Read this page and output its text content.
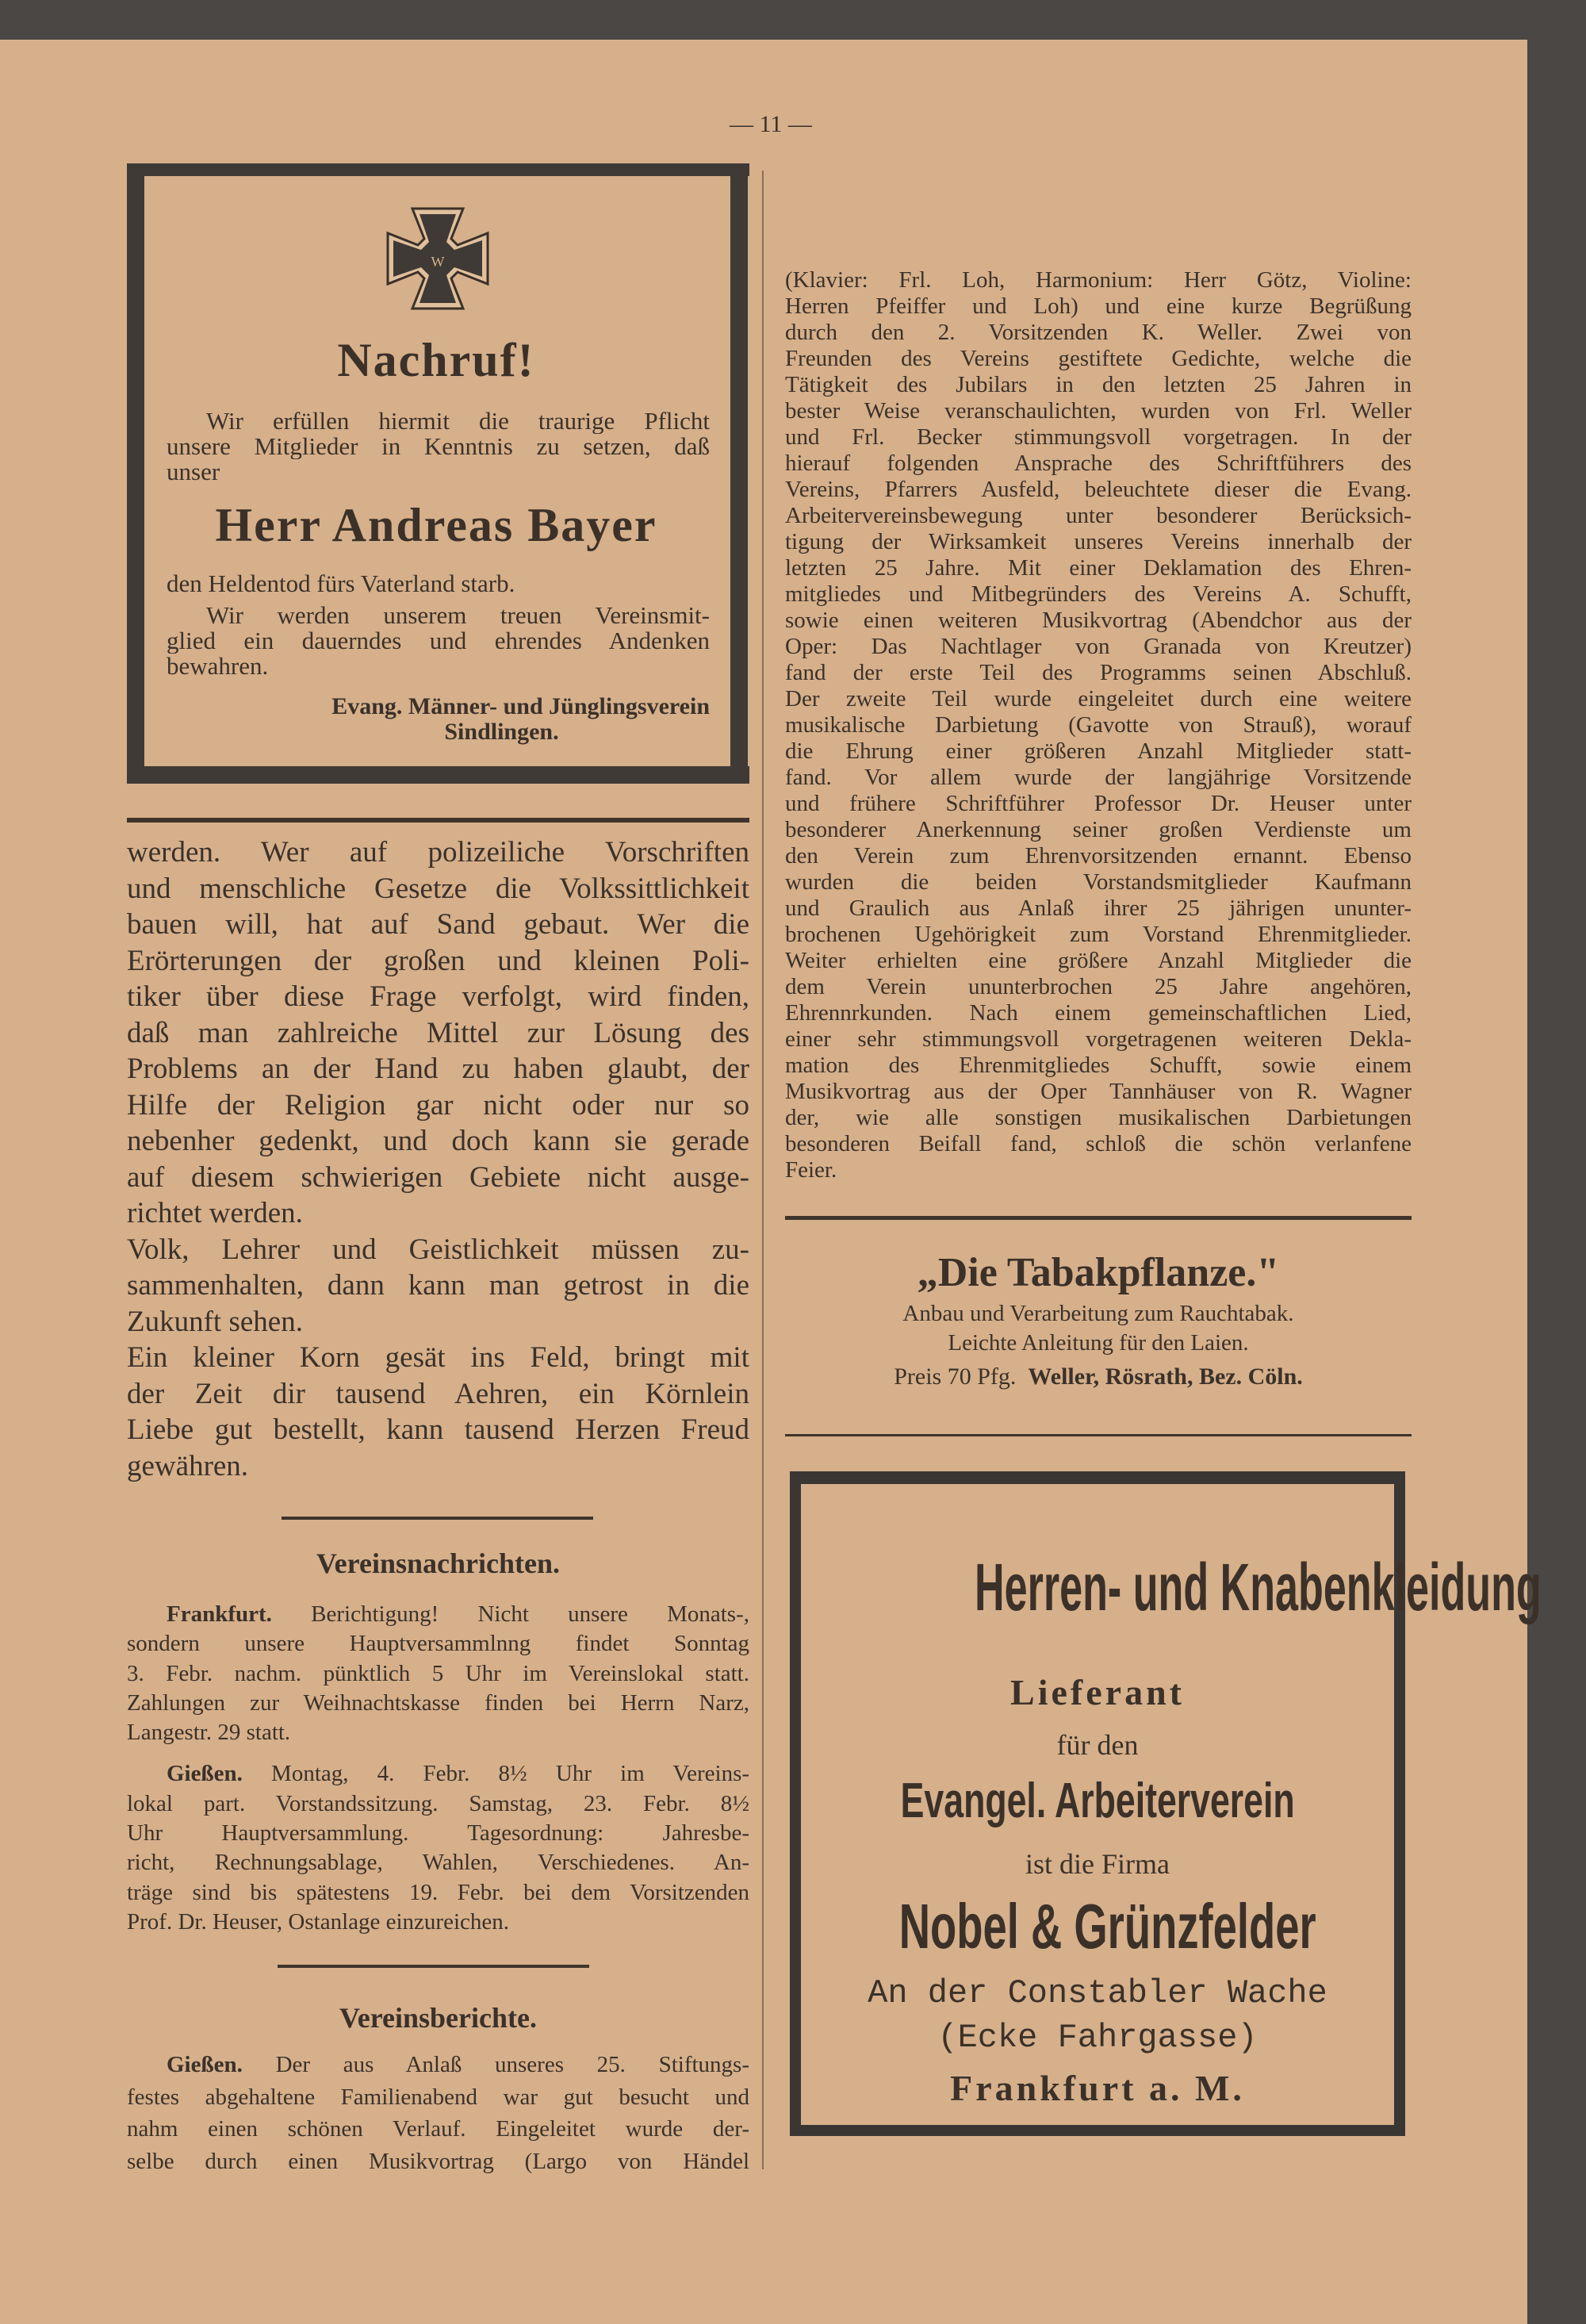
— 11 —
W
Nachruf!
Wir erfüllen hiermit die traurige Pflicht
unsere Mitglieder in Kenntnis zu setzen, daß
unser
Herr Andreas Bayer
den Heldentod fürs Vaterland starb.
Wir werden unserem treuen Vereinsmit-
glied ein dauerndes und ehrendes Andenken
bewahren.
Evang. Männer- und Jünglingsverein
Sindlingen.
werden. Wer auf polizeiliche Vorschriften
und menschliche Gesetze die Volkssittlichkeit
bauen will, hat auf Sand gebaut. Wer die
Erörterungen der großen und kleinen Poli-
tiker über diese Frage verfolgt, wird finden,
daß man zahlreiche Mittel zur Lösung des
Problems an der Hand zu haben glaubt, der
Hilfe der Religion gar nicht oder nur so
nebenher gedenkt, und doch kann sie gerade
auf diesem schwierigen Gebiete nicht ausge-
richtet werden.
Volk, Lehrer und Geistlichkeit müssen zu-
sammenhalten, dann kann man getrost in die
Zukunft sehen.
Ein kleiner Korn gesät ins Feld, bringt mit
der Zeit dir tausend Aehren, ein Körnlein
Liebe gut bestellt, kann tausend Herzen Freud
gewähren.
Vereinsnachrichten.
Frankfurt. Berichtigung! Nicht unsere Monats-,
sondern unsere Hauptversammlnng findet Sonntag
3. Febr. nachm. pünktlich 5 Uhr im Vereinslokal statt.
Zahlungen zur Weihnachtskasse finden bei Herrn Narz,
Langestr. 29 statt.
Gießen. Montag, 4. Febr. 8½ Uhr im Vereins-
lokal part. Vorstandssitzung. Samstag, 23. Febr. 8½
Uhr Hauptversammlung. Tagesordnung: Jahresbe-
richt, Rechnungsablage, Wahlen, Verschiedenes. An-
träge sind bis spätestens 19. Febr. bei dem Vorsitzenden
Prof. Dr. Heuser, Ostanlage einzureichen.
Vereinsberichte.
Gießen. Der aus Anlaß unseres 25. Stiftungs-
festes abgehaltene Familienabend war gut besucht und
nahm einen schönen Verlauf. Eingeleitet wurde der-
selbe durch einen Musikvortrag (Largo von Händel
(Klavier: Frl. Loh, Harmonium: Herr Götz, Violine:
Herren Pfeiffer und Loh) und eine kurze Begrüßung
durch den 2. Vorsitzenden K. Weller. Zwei von
Freunden des Vereins gestiftete Gedichte, welche die
Tätigkeit des Jubilars in den letzten 25 Jahren in
bester Weise veranschaulichten, wurden von Frl. Weller
und Frl. Becker stimmungsvoll vorgetragen. In der
hierauf folgenden Ansprache des Schriftführers des
Vereins, Pfarrers Ausfeld, beleuchtete dieser die Evang.
Arbeitervereinsbewegung unter besonderer Berücksich-
tigung der Wirksamkeit unseres Vereins innerhalb der
letzten 25 Jahre. Mit einer Deklamation des Ehren-
mitgliedes und Mitbegründers des Vereins A. Schufft,
sowie einen weiteren Musikvortrag (Abendchor aus der
Oper: Das Nachtlager von Granada von Kreutzer)
fand der erste Teil des Programms seinen Abschluß.
Der zweite Teil wurde eingeleitet durch eine weitere
musikalische Darbietung (Gavotte von Strauß), worauf
die Ehrung einer größeren Anzahl Mitglieder statt-
fand. Vor allem wurde der langjährige Vorsitzende
und frühere Schriftführer Professor Dr. Heuser unter
besonderer Anerkennung seiner großen Verdienste um
den Verein zum Ehrenvorsitzenden ernannt. Ebenso
wurden die beiden Vorstandsmitglieder Kaufmann
und Graulich aus Anlaß ihrer 25 jährigen ununter-
brochenen Ugehörigkeit zum Vorstand Ehrenmitglieder.
Weiter erhielten eine größere Anzahl Mitglieder die
dem Verein ununterbrochen 25 Jahre angehören,
Ehrennrkunden. Nach einem gemeinschaftlichen Lied,
einer sehr stimmungsvoll vorgetragenen weiteren Dekla-
mation des Ehrenmitgliedes Schufft, sowie einem
Musikvortrag aus der Oper Tannhäuser von R. Wagner
der, wie alle sonstigen musikalischen Darbietungen
besonderen Beifall fand, schloß die schön verlanfene
Feier.
„Die Tabakpflanze."
Anbau und Verarbeitung zum Rauchtabak.
Leichte Anleitung für den Laien.
Preis 70 Pfg. Weller, Rösrath, Bez. Cöln.
Herren- und Knabenkleidung
Lieferant
für den
Evangel. Arbeiterverein
ist die Firma
Nobel & Grünzfelder
An der Constabler Wache
(Ecke Fahrgasse)
Frankfurt a. M.
